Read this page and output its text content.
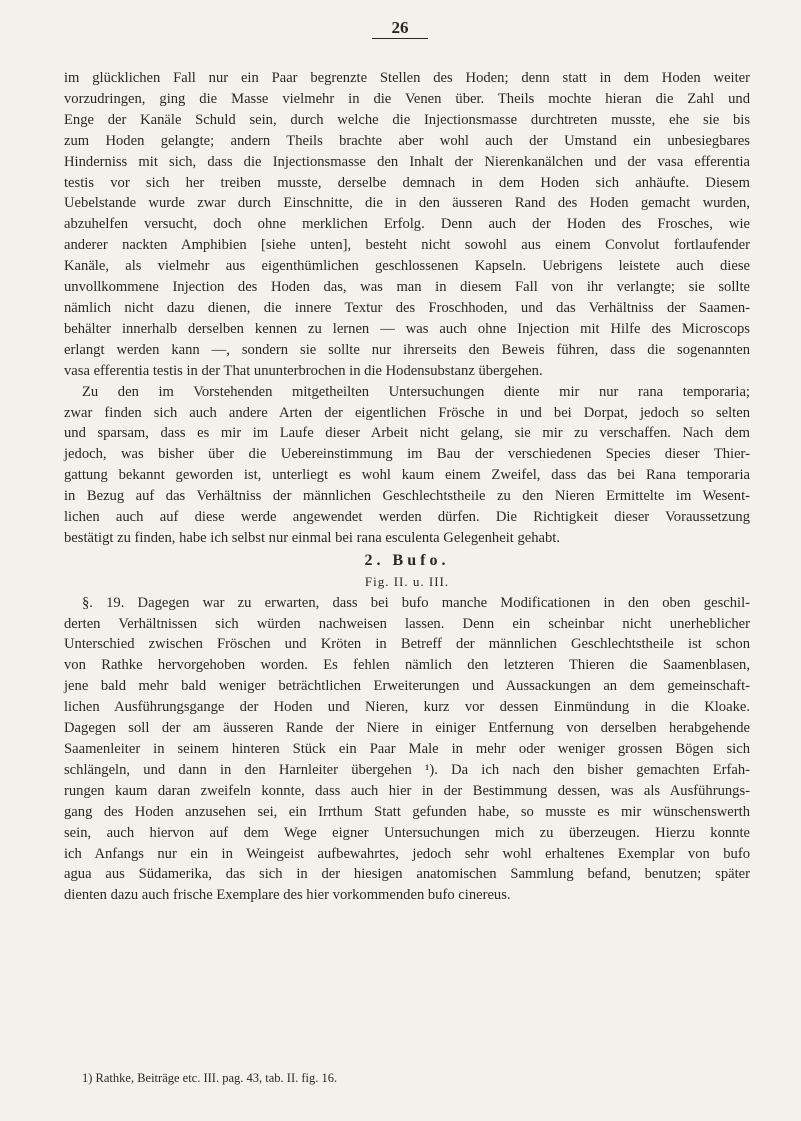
26
im glücklichen Fall nur ein Paar begrenzte Stellen des Hoden; denn statt in dem Hoden weiter
vorzudringen, ging die Masse vielmehr in die Venen über. Theils mochte hieran die Zahl und
Enge der Kanäle Schuld sein, durch welche die Injectionsmasse durchtreten musste, ehe sie bis
zum Hoden gelangte; andern Theils brachte aber wohl auch der Umstand ein unbesiegbares
Hinderniss mit sich, dass die Injectionsmasse den Inhalt der Nierenkanälchen und der vasa efferentia
testis vor sich her treiben musste, derselbe demnach in dem Hoden sich anhäufte. Diesem
Uebelstande wurde zwar durch Einschnitte, die in den äusseren Rand des Hoden gemacht wurden,
abzuhelfen versucht, doch ohne merklichen Erfolg. Denn auch der Hoden des Frosches, wie
anderer nackten Amphibien [siehe unten], besteht nicht sowohl aus einem Convolut fortlaufender
Kanäle, als vielmehr aus eigenthümlichen geschlossenen Kapseln. Uebrigens leistete auch diese
unvollkommene Injection des Hoden das, was man in diesem Fall von ihr verlangte; sie sollte
nämlich nicht dazu dienen, die innere Textur des Froschhoden, und das Verhältniss der Saamen-
behälter innerhalb derselben kennen zu lernen — was auch ohne Injection mit Hilfe des Microscops
erlangt werden kann —, sondern sie sollte nur ihrerseits den Beweis führen, dass die sogenannten
vasa efferentia testis in der That ununterbrochen in die Hodensubstanz übergehen.
Zu den im Vorstehenden mitgetheilten Untersuchungen diente mir nur rana temporaria;
zwar finden sich auch andere Arten der eigentlichen Frösche in und bei Dorpat, jedoch so selten
und sparsam, dass es mir im Laufe dieser Arbeit nicht gelang, sie mir zu verschaffen. Nach dem
jedoch, was bisher über die Uebereinstimmung im Bau der verschiedenen Species dieser Thier-
gattung bekannt geworden ist, unterliegt es wohl kaum einem Zweifel, dass das bei Rana temporaria
in Bezug auf das Verhältniss der männlichen Geschlechtstheile zu den Nieren Ermittelte im Wesent-
lichen auch auf diese werde angewendet werden dürfen. Die Richtigkeit dieser Voraussetzung
bestätigt zu finden, habe ich selbst nur einmal bei rana esculenta Gelegenheit gehabt.
2. Bufo.
Fig. II. u. III.
§. 19. Dagegen war zu erwarten, dass bei bufo manche Modificationen in den oben geschil-
derten Verhältnissen sich würden nachweisen lassen. Denn ein scheinbar nicht unerheblicher
Unterschied zwischen Fröschen und Kröten in Betreff der männlichen Geschlechtstheile ist schon
von Rathke hervorgehoben worden. Es fehlen nämlich den letzteren Thieren die Saamenblasen,
jene bald mehr bald weniger beträchtlichen Erweiterungen und Aussackungen an dem gemeinschaft-
lichen Ausführungsgange der Hoden und Nieren, kurz vor dessen Einmündung in die Kloake.
Dagegen soll der am äusseren Rande der Niere in einiger Entfernung von derselben herabgehende
Saamenleiter in seinem hinteren Stück ein Paar Male in mehr oder weniger grossen Bögen sich
schlängeln, und dann in den Harnleiter übergehen ¹). Da ich nach den bisher gemachten Erfah-
rungen kaum daran zweifeln konnte, dass auch hier in der Bestimmung dessen, was als Ausführungs-
gang des Hoden anzusehen sei, ein Irrthum Statt gefunden habe, so musste es mir wünschenswerth
sein, auch hiervon auf dem Wege eigner Untersuchungen mich zu überzeugen. Hierzu konnte
ich Anfangs nur ein in Weingeist aufbewahrtes, jedoch sehr wohl erhaltenes Exemplar von bufo
agua aus Südamerika, das sich in der hiesigen anatomischen Sammlung befand, benutzen; später
dienten dazu auch frische Exemplare des hier vorkommenden bufo cinereus.
1) Rathke, Beiträge etc. III. pag. 43, tab. II. fig. 16.
